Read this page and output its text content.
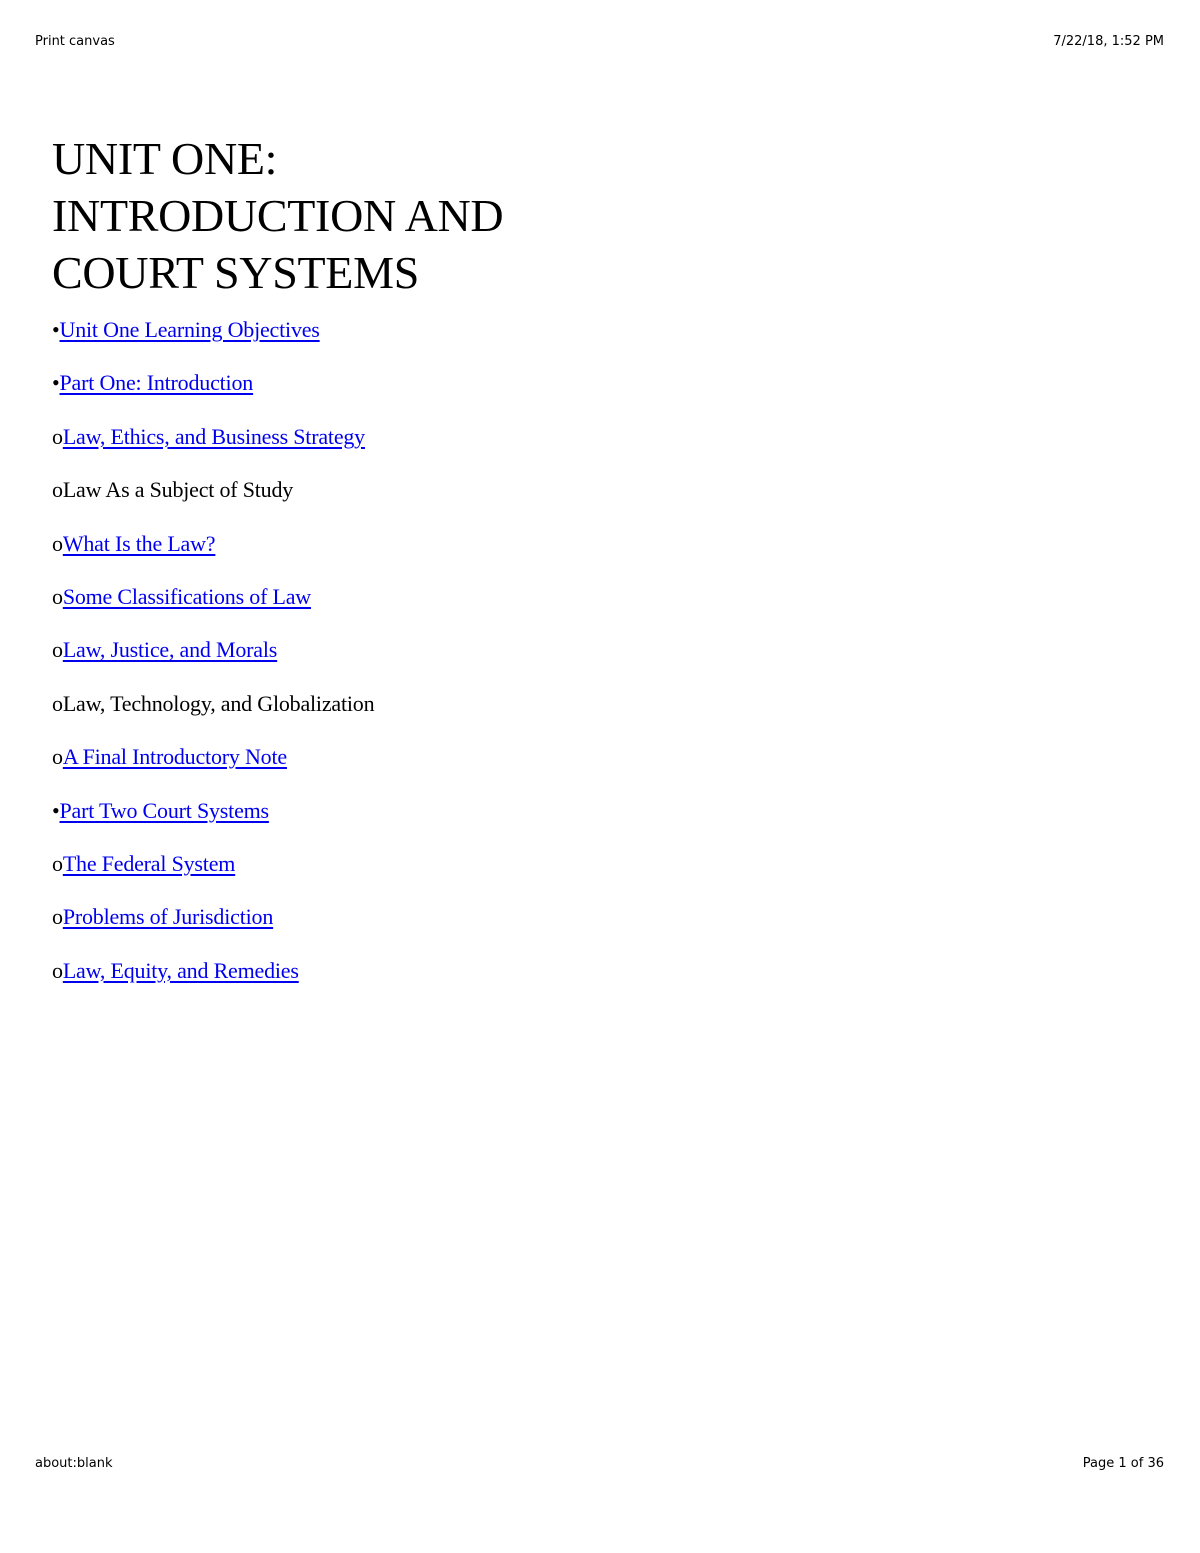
Print canvas	7/22/18, 1:52 PM
UNIT ONE:
INTRODUCTION AND
COURT SYSTEMS
•Unit One Learning Objectives
•Part One: Introduction
oLaw, Ethics, and Business Strategy
oLaw As a Subject of Study
oWhat Is the Law?
oSome Classifications of Law
oLaw, Justice, and Morals
oLaw, Technology, and Globalization
oA Final Introductory Note
•Part Two Court Systems
oThe Federal System
oProblems of Jurisdiction
oLaw, Equity, and Remedies
about:blank	Page 1 of 36
